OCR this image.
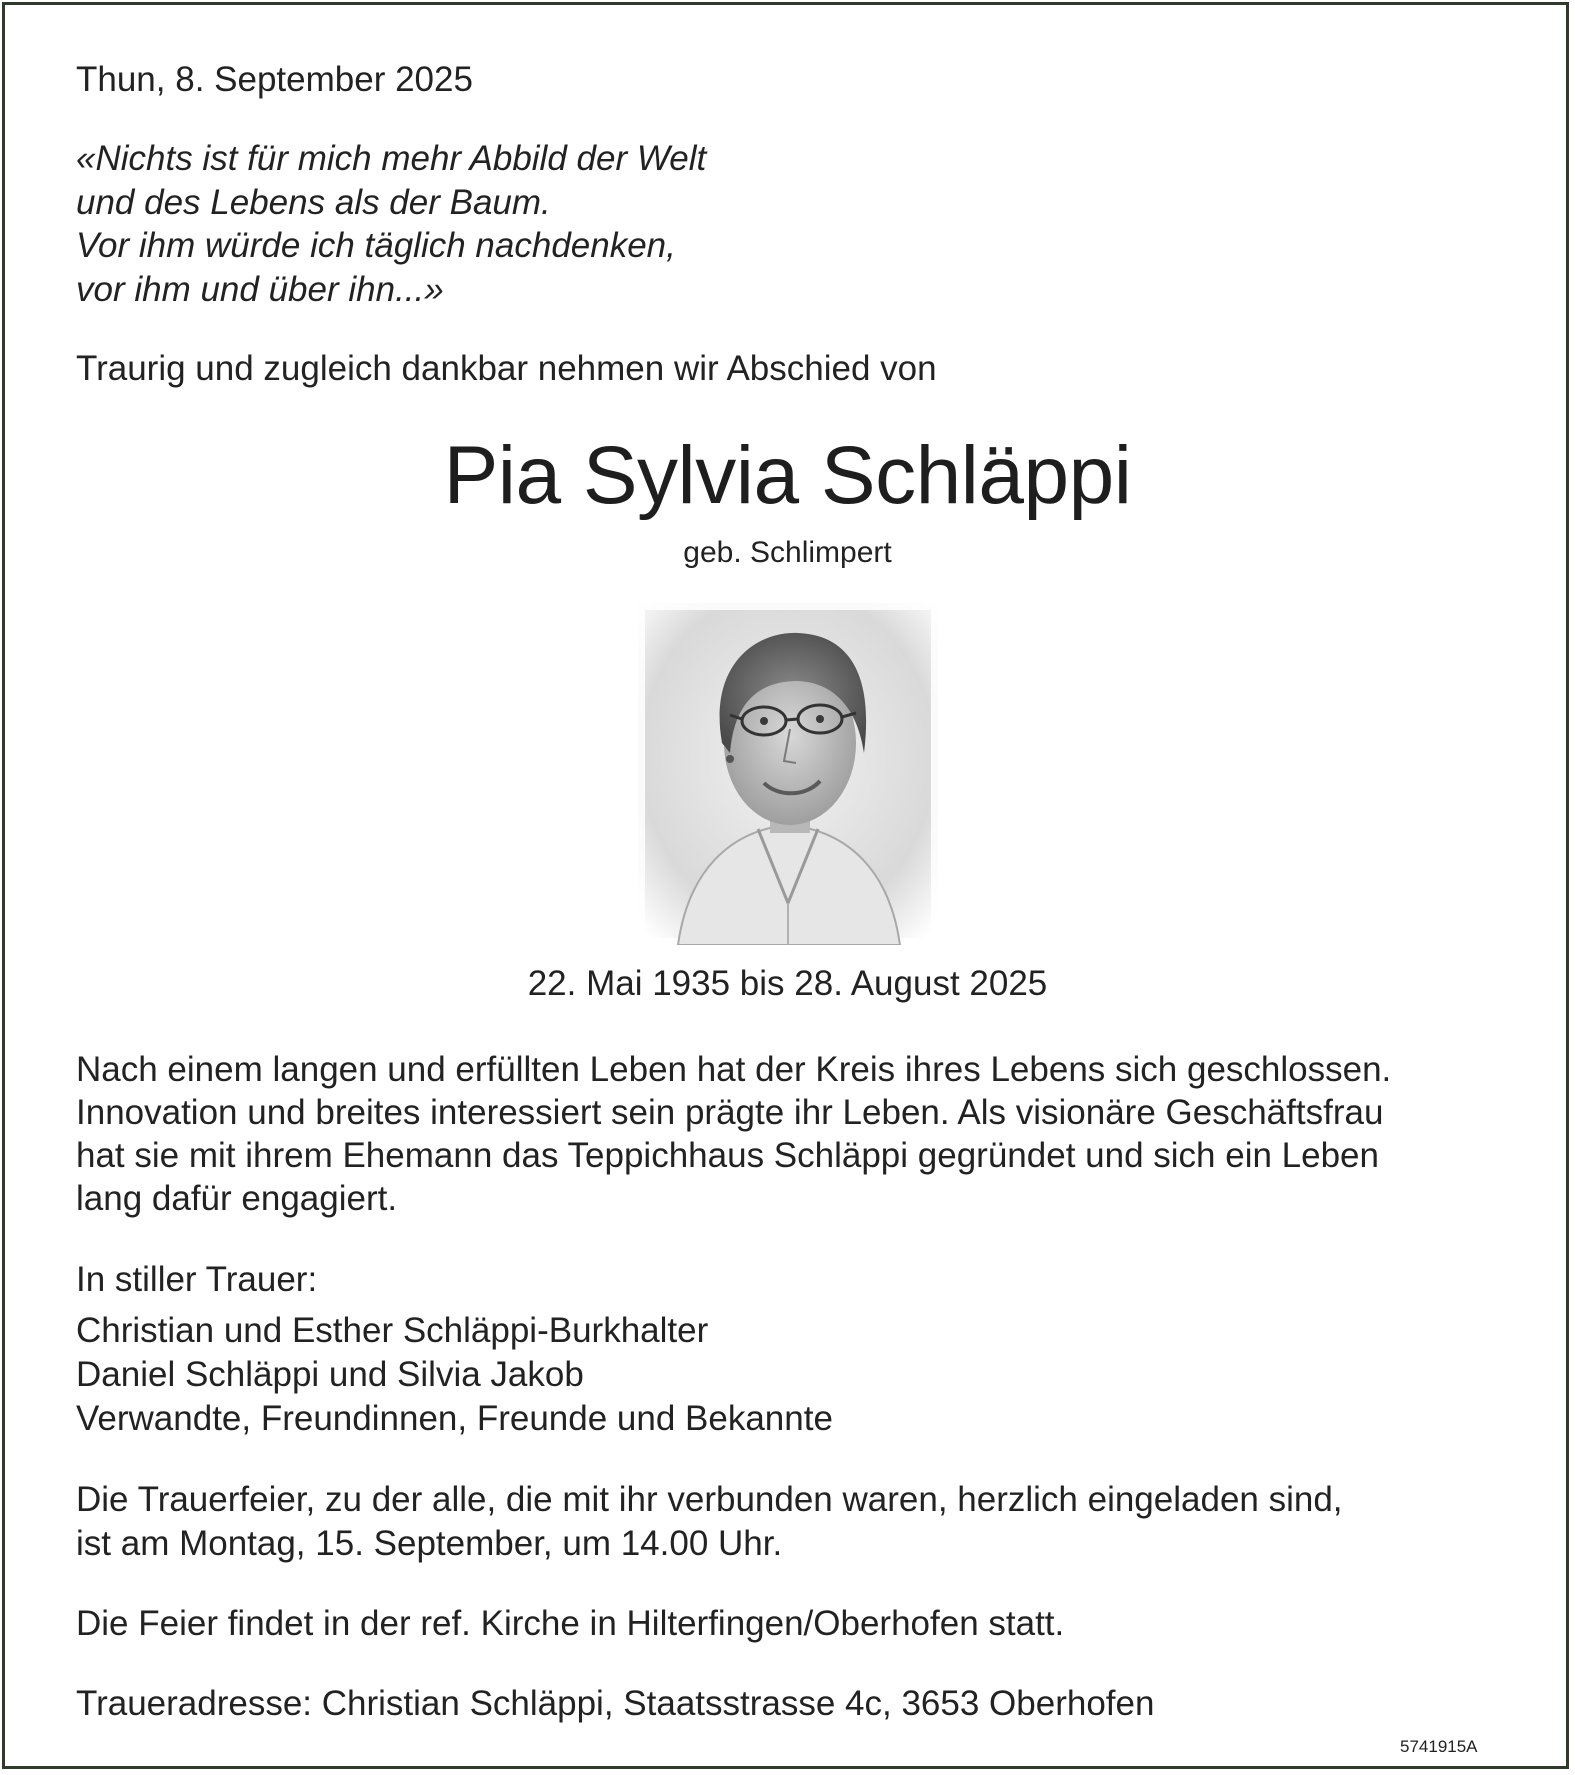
Thun, 8. September 2025

«Nichts ist für mich mehr Abbild der Welt

und des Lebens als der Baum.

Vor ihm würde ich täglich nachdenken,

vor ihm und über ihn...»

Traurig und zugleich dankbar nehmen wir Abschied von

Pia Sylvia Schläppi

geb. Schlimpert

22. Mai 1935 bis 28. August 2025

Nach einem langen und erfüllten Leben hat der Kreis ihres Lebens sich geschlossen.

Innovation und breites interessiert sein prägte ihr Leben. Als visionäre Geschäftsfrau

hat sie mit ihrem Ehemann das Teppichhaus Schläppi gegründet und sich ein Leben

lang dafür engagiert.

In stiller Trauer:

Christian und Esther Schläppi-Burkhalter

Daniel Schläppi und Silvia Jakob

Verwandte, Freundinnen, Freunde und Bekannte

Die Trauerfeier, zu der alle, die mit ihr verbunden waren, herzlich eingeladen sind,

ist am Montag, 15. September, um 14.00 Uhr.

Die Feier findet in der ref. Kirche in Hilterfingen/Oberhofen statt.

Traueradresse: Christian Schläppi, Staatsstrasse 4c, 3653 Oberhofen

5741915A
